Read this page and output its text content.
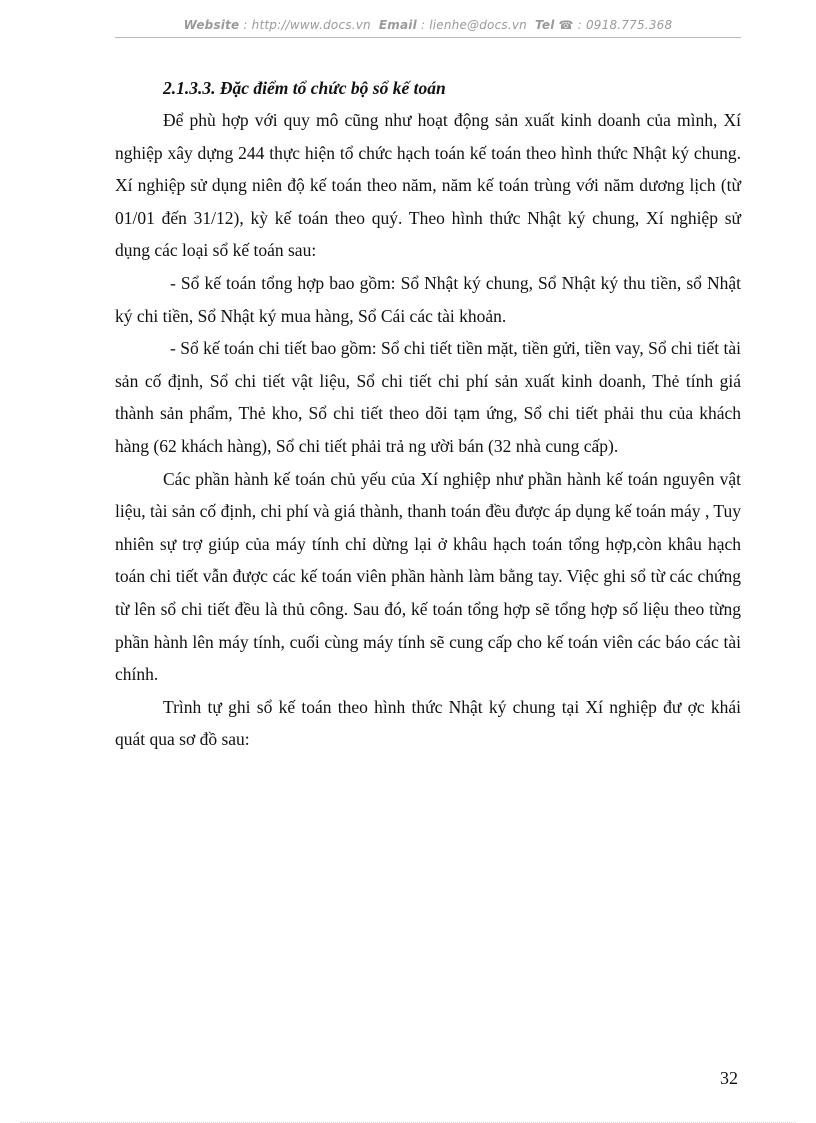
Website : http://www.docs.vn Email : lienhe@docs.vn Tel ☎ : 0918.775.368

2.1.3.3. Đặc điểm tổ chức bộ sổ kế toán

Để phù hợp với quy mô cũng như hoạt động sản xuất kinh doanh của mình, Xí nghiệp xây dựng 244 thực hiện tổ chức hạch toán kế toán theo hình thức Nhật ký chung. Xí nghiệp sử dụng niên độ kế toán theo năm, năm kế toán trùng với năm dương lịch (từ 01/01 đến 31/12), kỳ kế toán theo quý. Theo hình thức Nhật ký chung, Xí nghiệp sử dụng các loại sổ kế toán sau:

- Sổ kế toán tổng hợp bao gồm: Sổ Nhật ký chung, Sổ Nhật ký thu tiền, sổ Nhật ký chi tiền, Sổ Nhật ký mua hàng, Sổ Cái các tài khoản.

- Sổ kế toán chi tiết bao gồm: Sổ chi tiết tiền mặt, tiền gửi, tiền vay, Sổ chi tiết tài sản cố định, Sổ chi tiết vật liệu, Sổ chi tiết chi phí sản xuất kinh doanh, Thẻ tính giá thành sản phẩm, Thẻ kho, Sổ chi tiết theo dõi tạm ứng, Sổ chi tiết phải thu của khách hàng (62 khách hàng), Sổ chi tiết phải trả ng ười bán (32 nhà cung cấp).

Các phần hành kế toán chủ yếu của Xí nghiệp như phần hành kế toán nguyên vật liệu, tài sản cố định, chi phí và giá thành, thanh toán đều được áp dụng kế toán máy , Tuy nhiên sự trợ giúp của máy tính chỉ dừng lại ở khâu hạch toán tổng hợp,còn khâu hạch toán chi tiết vẫn được các kế toán viên phần hành làm bằng tay. Việc ghi sổ từ các chứng từ lên sổ chi tiết đều là thủ công. Sau đó, kế toán tổng hợp sẽ tổng hợp số liệu theo từng phần hành lên máy tính, cuối cùng máy tính sẽ cung cấp cho kế toán viên các báo các tài chính.

Trình tự ghi sổ kế toán theo hình thức Nhật ký chung tại Xí nghiệp đư ợc khái quát qua sơ đồ sau:

32
